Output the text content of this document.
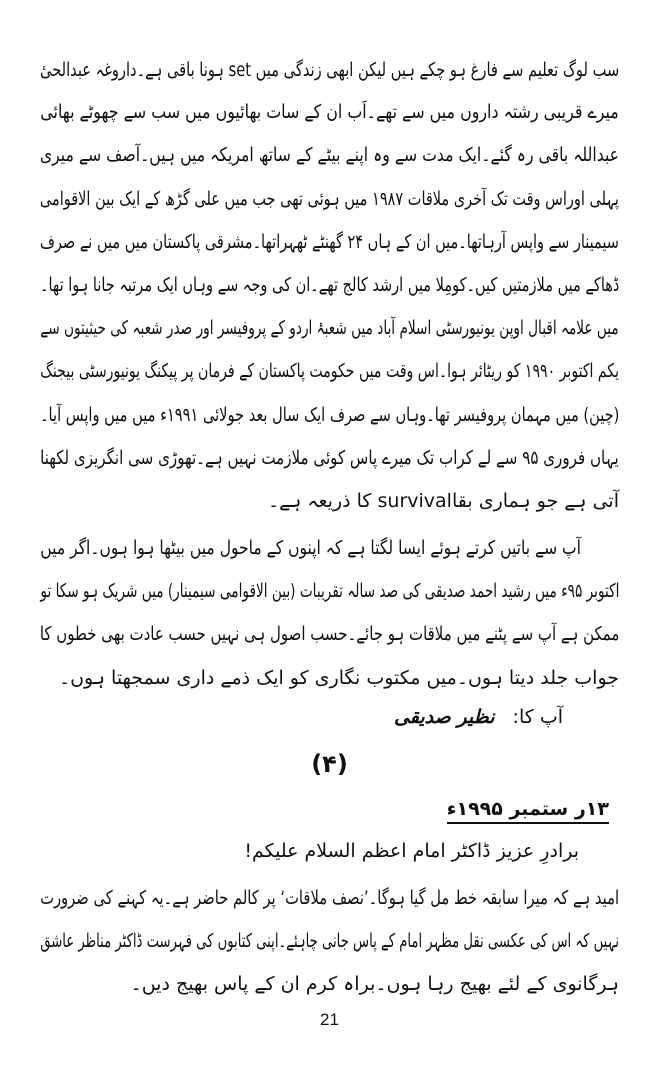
سب لوگ تعلیم سے فارغ ہو چکے ہیں لیکن ابھی زندگی میں set ہونا باقی ہے۔داروغہ عبدالحیٔ
میرے قریبی رشتہ داروں میں سے تھے۔اَب ان کے سات بھائیوں میں سب سے چھوٹے بھائی
عبداللہ باقی رہ گئے۔ایک مدت سے وہ اپنے بیٹے کے ساتھ امریکہ میں ہیں۔آصف سے میری
پہلی اوراس وقت تک آخری ملاقات ۱۹۸۷ میں ہوئی تھی جب میں علی گڑھ کے ایک بین الاقوامی
سیمینار سے واپس آرہاتھا۔میں ان کے ہاں ۲۴ گھنٹے ٹھہراتھا۔مشرقی پاکستان میں میں نے صرف
ڈھاکے میں ملازمتیں کیں۔کومِلا میں ارشد کالج تھے۔ان کی وجہ سے وہاں ایک مرتبہ جانا ہوا تھا۔
میں علامہ اقبال اوپن یونیورسٹی اسلام آباد میں شعبۂ اردو کے پروفیسر اور صدر شعبہ کی حیثیتوں سے
یکم اکتوبر ۱۹۹۰ کو ریٹائر ہوا۔اس وقت میں حکومت پاکستان کے فرمان پر پیکنگ یونیورسٹی بیجنگ
(چین) میں مہمان پروفیسر تھا۔وہاں سے صرف ایک سال بعد جولائی ۱۹۹۱ء میں میں واپس آیا۔
یہاں فروری ۹۵ سے لے کراب تک میرے پاس کوئی ملازمت نہیں ہے۔تھوڑی سی انگریزی لکھنا
آتی ہے جو ہماری بقاsurvival کا ذریعہ ہے۔
آپ سے باتیں کرتے ہوئے ایسا لگتا ہے کہ اپنوں کے ماحول میں بیٹھا ہوا ہوں۔اگر میں
اکتوبر ۹۵ء میں رشید احمد صدیقی کی صد سالہ تقریبات (بین الاقوامی سیمینار) میں شریک ہو سکا تو
ممکن ہے آپ سے پٹنے میں ملاقات ہو جائے۔حسب اصول ہی نہیں حسب عادت بھی خطوں کا
جواب جلد دیتا ہوں۔میں مکتوب نگاری کو ایک ذمے داری سمجھتا ہوں۔
آپ کا: نظیر صدیقی
(۴)
۱۳ر ستمبر ۱۹۹۵ء
برادرِ عزیز ڈاکٹر امام اعظم السلام علیکم!
امید ہے کہ میرا سابقہ خط مل گیا ہوگا۔’نصف ملاقات‘ پر کالم حاضر ہے۔یہ کہنے کی ضرورت
نہیں کہ اس کی عکسی نقل مظہر امام کے پاس جانی چاہئے۔اپنی کتابوں کی فہرست ڈاکٹر مناظر عاشق
ہرگانوی کے لئے بھیج رہا ہوں۔براہ کرم ان کے پاس بھیج دیں۔
21
